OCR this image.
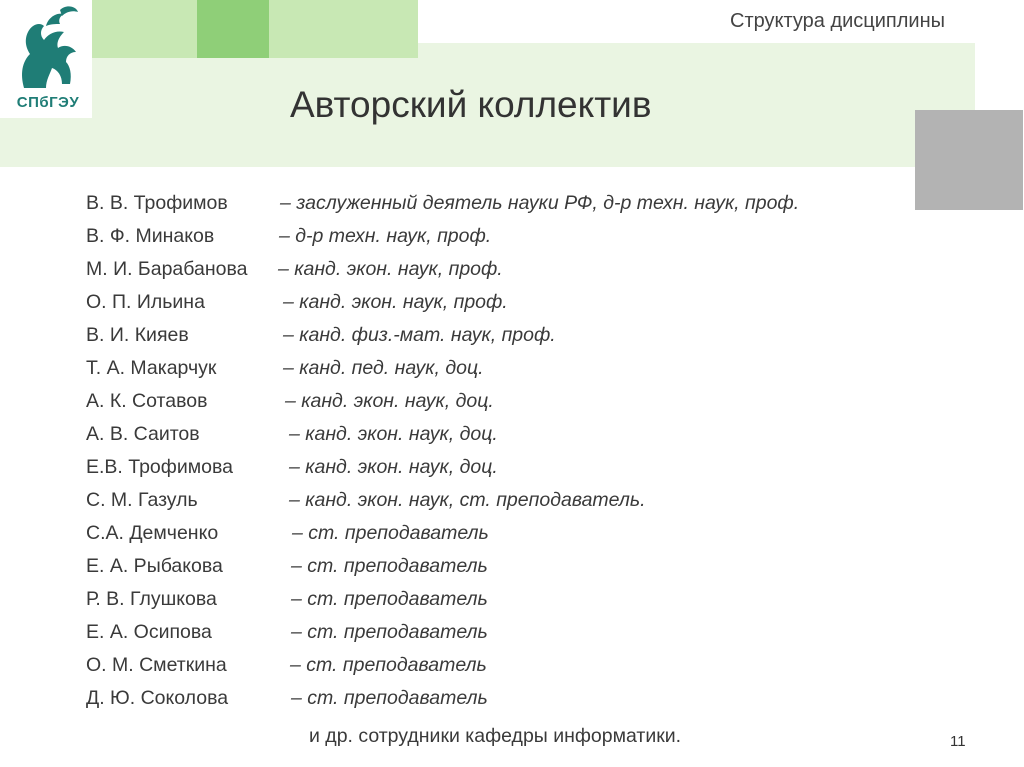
СПбГЭУ
Структура дисциплины
Авторский коллектив
В. В. Трофимов	– заслуженный деятель науки РФ, д-р техн. наук, проф.
В. Ф. Минаков	– д-р техн. наук, проф.
М. И. Барабанова – канд. экон. наук, проф.
О. П. Ильина	– канд. экон. наук, проф.
В. И. Кияев	– канд. физ.-мат. наук, проф.
Т. А. Макарчук	– канд. пед. наук, доц.
А. К. Сотавов	– канд. экон. наук, доц.
А. В. Саитов	– канд. экон. наук, доц.
Е.В. Трофимова	– канд. экон. наук, доц.
С. М. Газуль	– канд. экон. наук, ст. преподаватель.
С.А. Демченко	– ст. преподаватель
Е. А. Рыбакова	– ст. преподаватель
Р. В. Глушкова	– ст. преподаватель
Е. А. Осипова	– ст. преподаватель
О. М. Сметкина	– ст. преподаватель
Д. Ю. Соколова	– ст. преподаватель
и др. сотрудники кафедры информатики.	11
